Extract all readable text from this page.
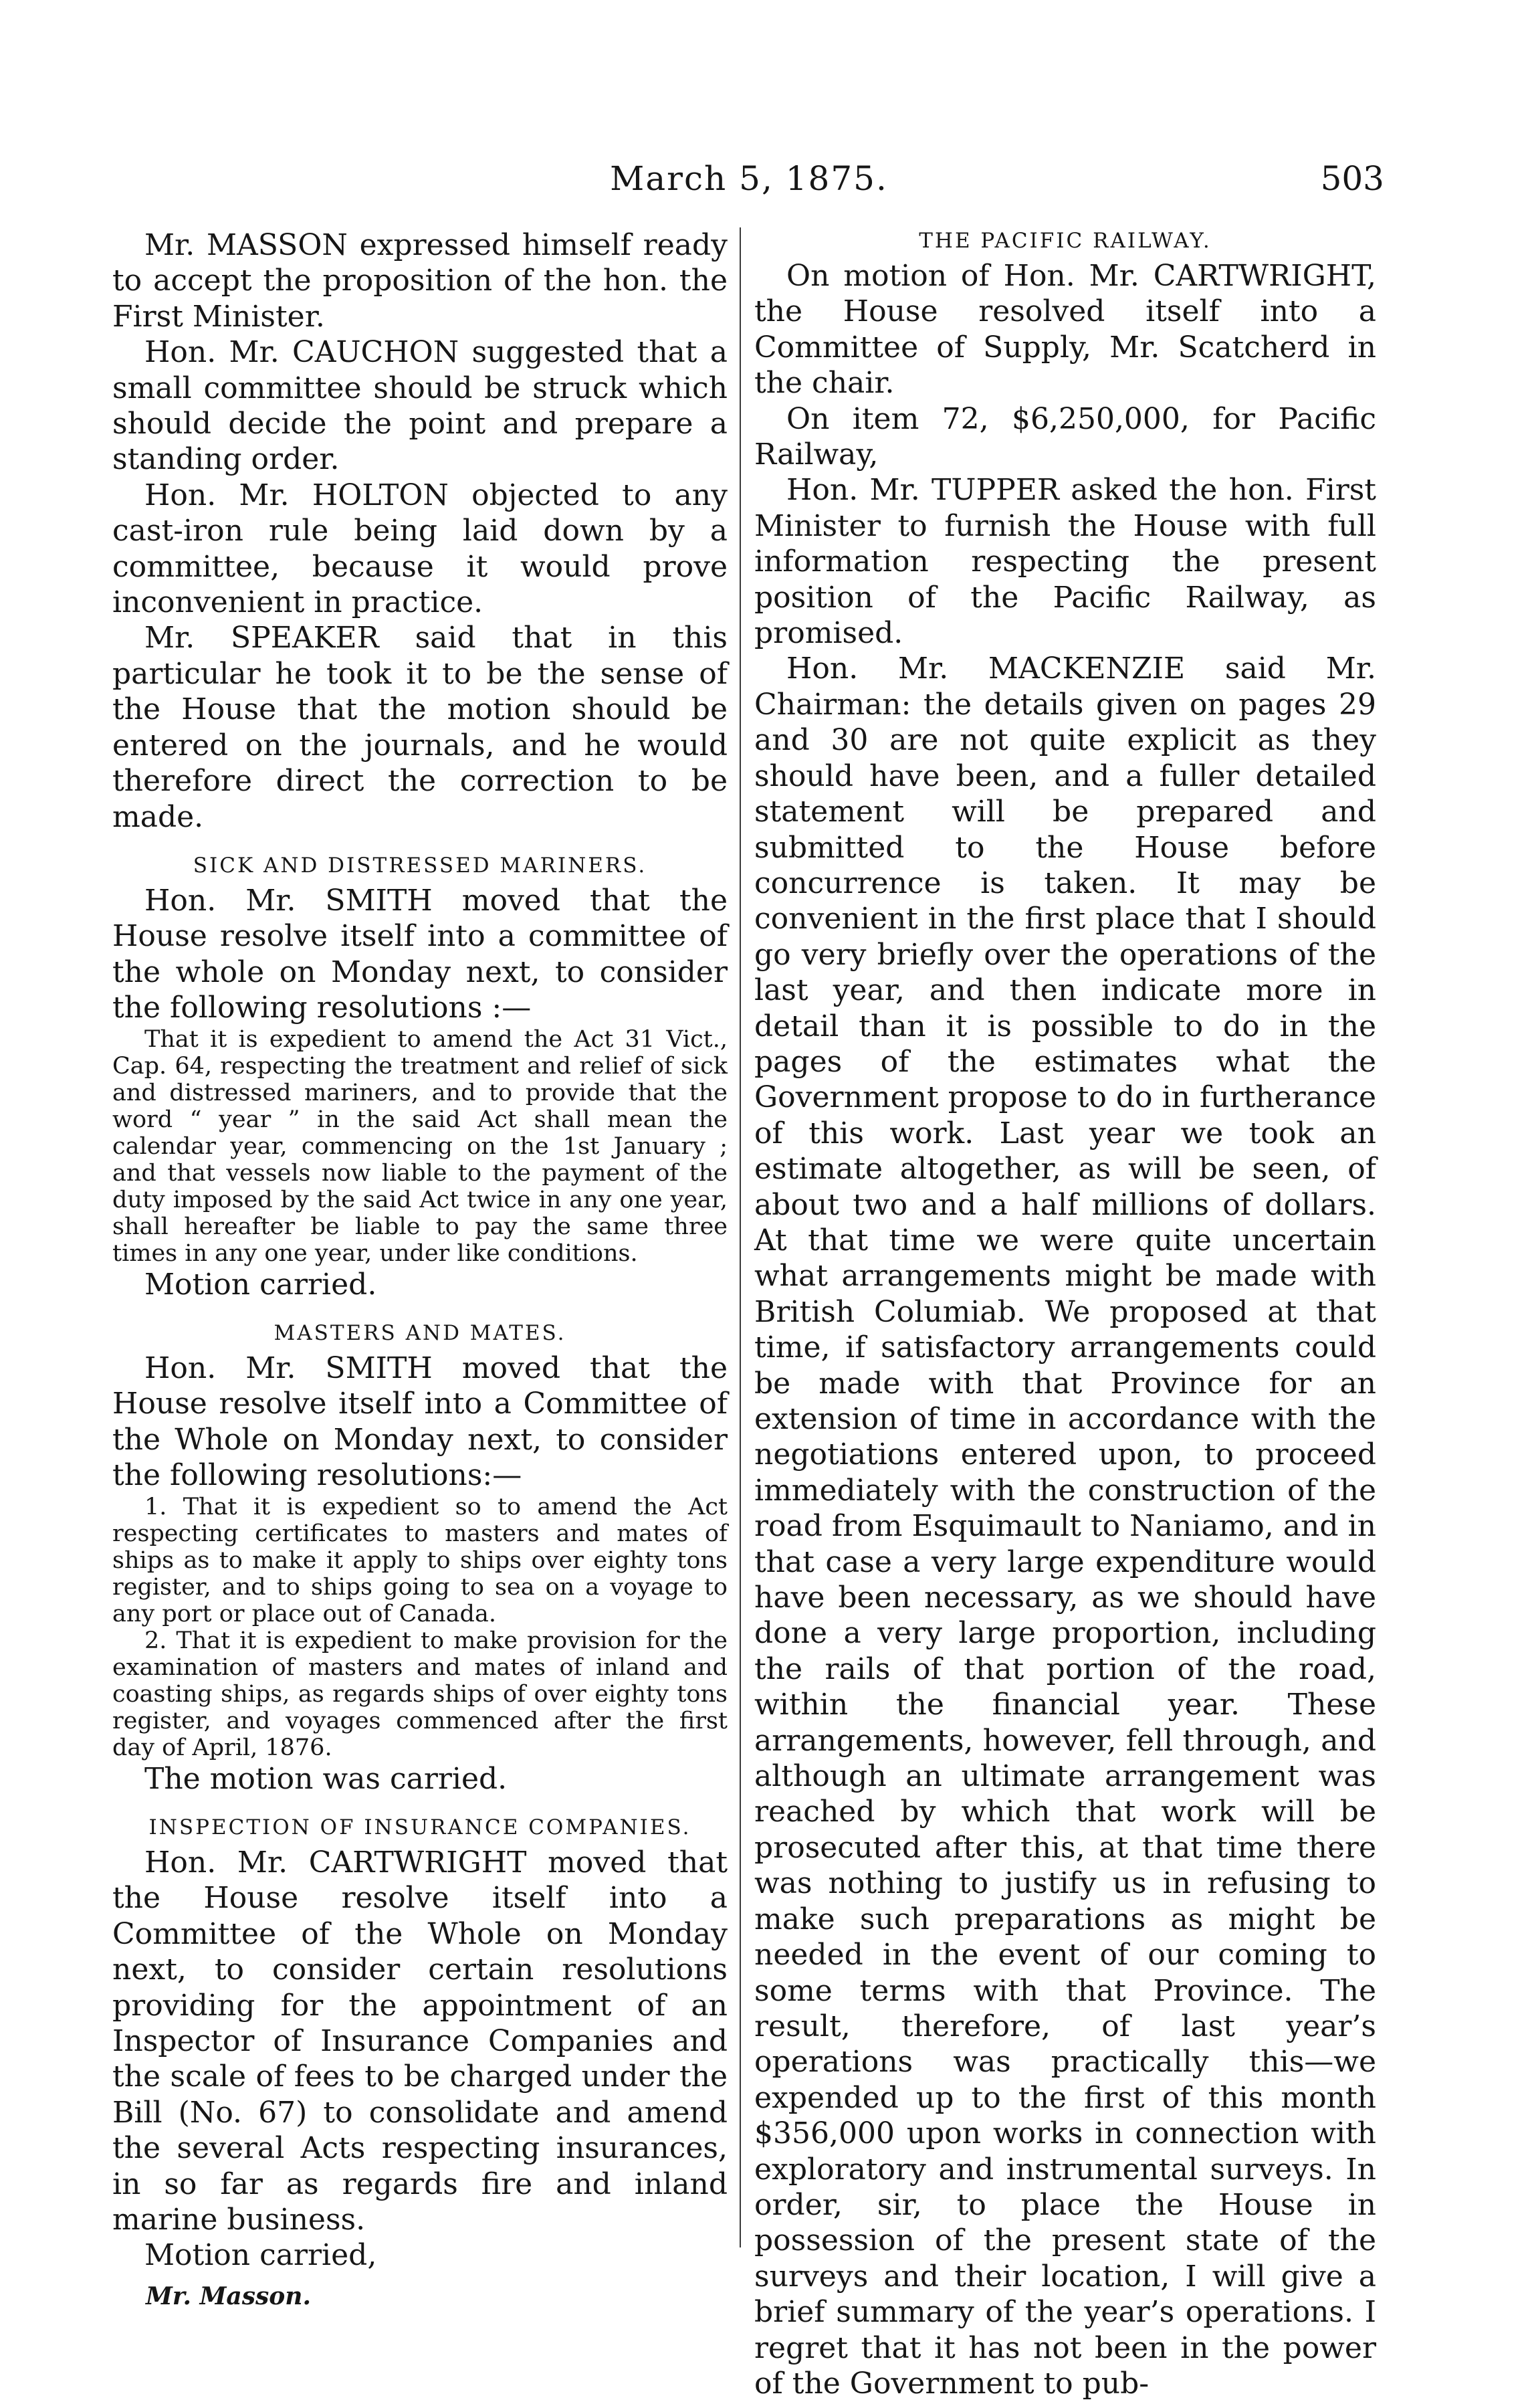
March 5, 1875.	503

Mr. MASSON expressed himself ready to accept the proposition of the hon. the First Minister.

Hon. Mr. CAUCHON suggested that a small committee should be struck which should decide the point and prepare a standing order.

Hon. Mr. HOLTON objected to any cast-iron rule being laid down by a committee, because it would prove inconvenient in practice.

Mr. SPEAKER said that in this particular he took it to be the sense of the House that the motion should be entered on the journals, and he would therefore direct the correction to be made.

SICK AND DISTRESSED MARINERS.

Hon. Mr. SMITH moved that the House resolve itself into a committee of the whole on Monday next, to consider the following resolutions :—

That it is expedient to amend the Act 31 Vict., Cap. 64, respecting the treatment and relief of sick and distressed mariners, and to provide that the word “ year ” in the said Act shall mean the calendar year, commencing on the 1st January ; and that vessels now liable to the payment of the duty imposed by the said Act twice in any one year, shall hereafter be liable to pay the same three times in any one year, under like conditions.

Motion carried.

MASTERS AND MATES.

Hon. Mr. SMITH moved that the House resolve itself into a Committee of the Whole on Monday next, to consider the following resolutions:—

1. That it is expedient so to amend the Act respecting certificates to masters and mates of ships as to make it apply to ships over eighty tons register, and to ships going to sea on a voyage to any port or place out of Canada.

2. That it is expedient to make provision for the examination of masters and mates of inland and coasting ships, as regards ships of over eighty tons register, and voyages commenced after the first day of April, 1876.

The motion was carried.

INSPECTION OF INSURANCE COMPANIES.

Hon. Mr. CARTWRIGHT moved that the House resolve itself into a Committee of the Whole on Monday next, to consider certain resolutions providing for the appointment of an Inspector of Insurance Companies and the scale of fees to be charged under the Bill (No. 67) to consolidate and amend the several Acts respecting insurances, in so far as regards fire and inland marine business.

Motion carried,

Mr. Masson.
THE PACIFIC RAILWAY.

On motion of Hon. Mr. CARTWRIGHT, the House resolved itself into a Committee of Supply, Mr. Scatcherd in the chair.

On item 72, $6,250,000, for Pacific Railway,

Hon. Mr. TUPPER asked the hon. First Minister to furnish the House with full information respecting the present position of the Pacific Railway, as promised.

Hon. Mr. MACKENZIE said Mr. Chairman: the details given on pages 29 and 30 are not quite explicit as they should have been, and a fuller detailed statement will be prepared and submitted to the House before concurrence is taken. It may be convenient in the first place that I should go very briefly over the operations of the last year, and then indicate more in detail than it is possible to do in the pages of the estimates what the Government propose to do in furtherance of this work. Last year we took an estimate altogether, as will be seen, of about two and a half millions of dollars. At that time we were quite uncertain what arrangements might be made with British Columiab. We proposed at that time, if satisfactory arrangements could be made with that Province for an extension of time in accordance with the negotiations entered upon, to proceed immediately with the construction of the road from Esquimault to Naniamo, and in that case a very large expenditure would have been necessary, as we should have done a very large proportion, including the rails of that portion of the road, within the financial year. These arrangements, however, fell through, and although an ultimate arrangement was reached by which that work will be prosecuted after this, at that time there was nothing to justify us in refusing to make such preparations as might be needed in the event of our coming to some terms with that Province. The result, therefore, of last year’s operations was practically this—we expended up to the first of this month $356,000 upon works in connection with exploratory and instrumental surveys. In order, sir, to place the House in possession of the present state of the surveys and their location, I will give a brief summary of the year’s operations. I regret that it has not been in the power of the Government to pub-
